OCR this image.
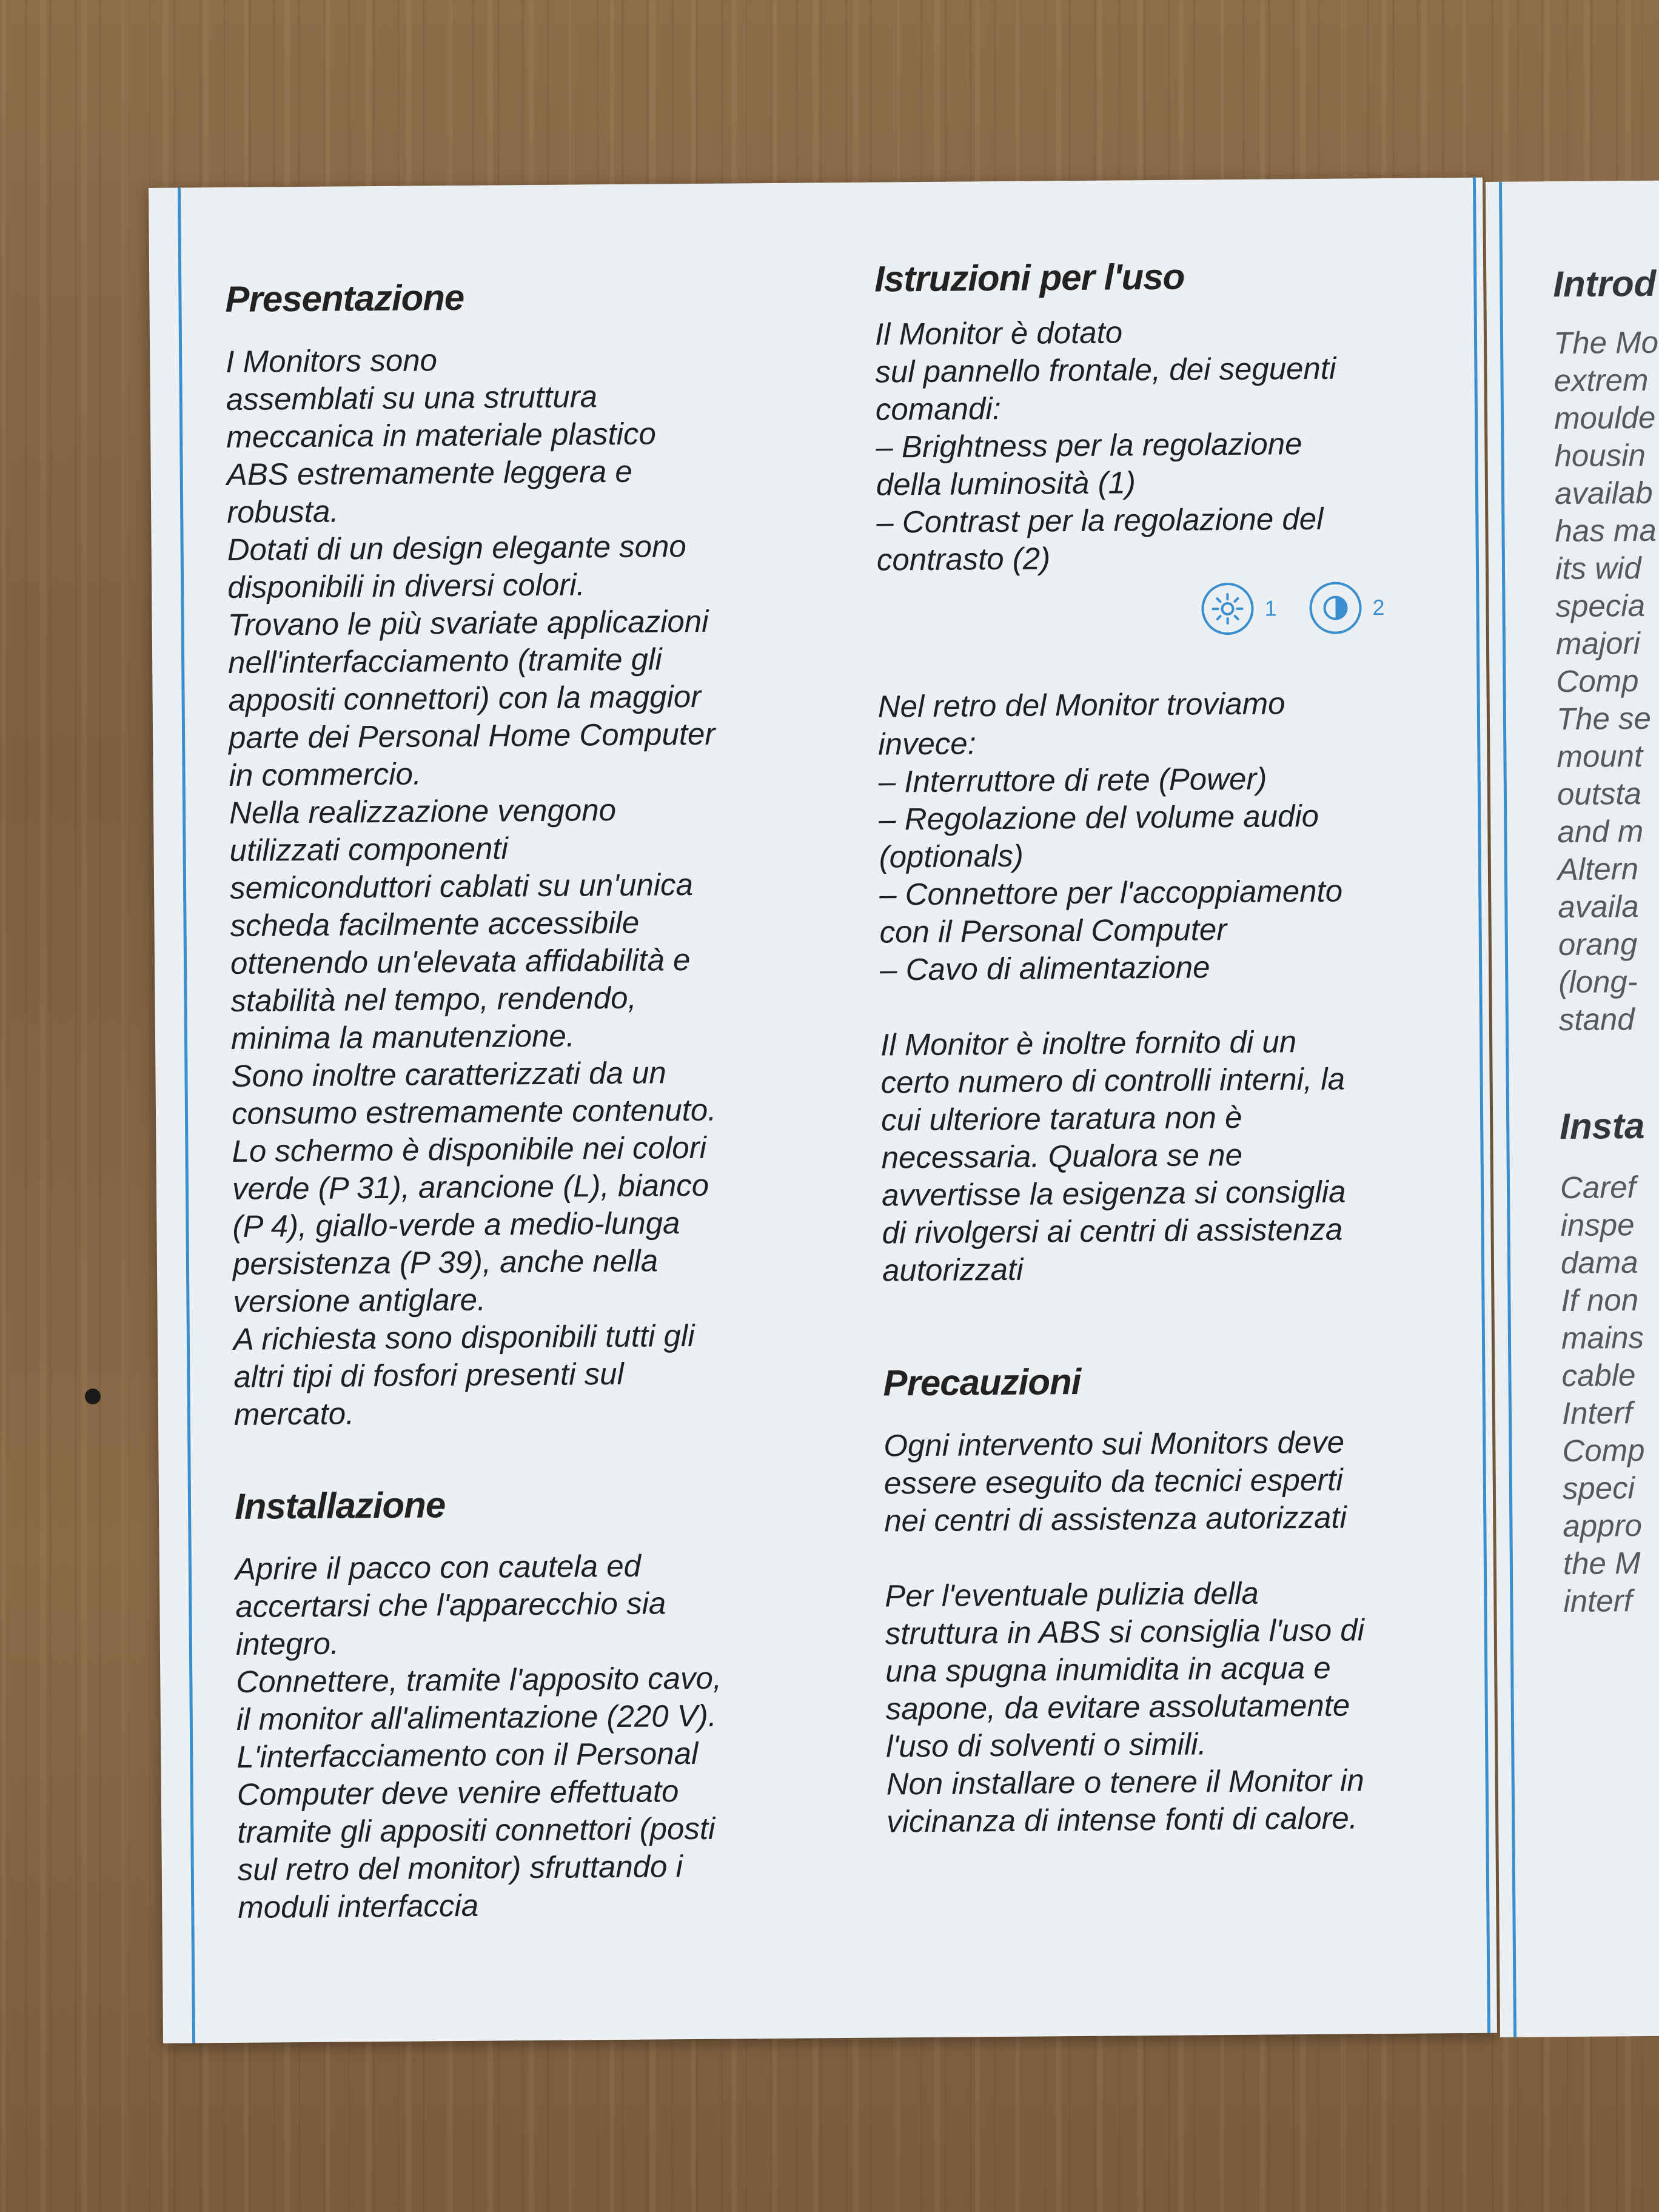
Presentazione

I Monitors sono
assemblati su una struttura
meccanica in materiale plastico
ABS estremamente leggera e
robusta.
Dotati di un design elegante sono
disponibili in diversi colori.
Trovano le più svariate applicazioni
nell'interfacciamento (tramite gli
appositi connettori) con la maggior
parte dei Personal Home Computer
in commercio.
Nella realizzazione vengono
utilizzati componenti
semiconduttori cablati su un'unica
scheda facilmente accessibile
ottenendo un'elevata affidabilità e
stabilità nel tempo, rendendo,
minima la manutenzione.
Sono inoltre caratterizzati da un
consumo estremamente contenuto.
Lo schermo è disponibile nei colori
verde (P 31), arancione (L), bianco
(P 4), giallo-verde a medio-lunga
persistenza (P 39), anche nella
versione antiglare.
A richiesta sono disponibili tutti gli
altri tipi di fosfori presenti sul
mercato.

Installazione

Aprire il pacco con cautela ed
accertarsi che l'apparecchio sia
integro.
Connettere, tramite l'apposito cavo,
il monitor all'alimentazione (220 V).
L'interfacciamento con il Personal
Computer deve venire effettuato
tramite gli appositi connettori (posti
sul retro del monitor) sfruttando i
moduli interfaccia

Istruzioni per l'uso

Il Monitor è dotato
sul pannello frontale, dei seguenti
comandi:
– Brightness per la regolazione
della luminosità (1)
– Contrast per la regolazione del
contrasto (2)

1	2

Nel retro del Monitor troviamo
invece:
– Interruttore di rete (Power)
– Regolazione del volume audio
(optionals)
– Connettore per l'accoppiamento
con il Personal Computer
– Cavo di alimentazione

Il Monitor è inoltre fornito di un
certo numero di controlli interni, la
cui ulteriore taratura non è
necessaria. Qualora se ne
avvertisse la esigenza si consiglia
di rivolgersi ai centri di assistenza
autorizzati

Precauzioni

Ogni intervento sui Monitors deve
essere eseguito da tecnici esperti
nei centri di assistenza autorizzati

Per l'eventuale pulizia della
struttura in ABS si consiglia l'uso di
una spugna inumidita in acqua e
sapone, da evitare assolutamente
l'uso di solventi o simili.
Non installare o tenere il Monitor in
vicinanza di intense fonti di calore.

Introd

The Mo
extrem
moulde
housin
availab
has ma
its wid
specia
majori
Comp
The se
mount
outsta
and m
Altern
availa
orang
(long-
stand

Insta

Caref
inspe
dama
If non
mains
cable
Interf
Comp
speci
appro
the M
interf
